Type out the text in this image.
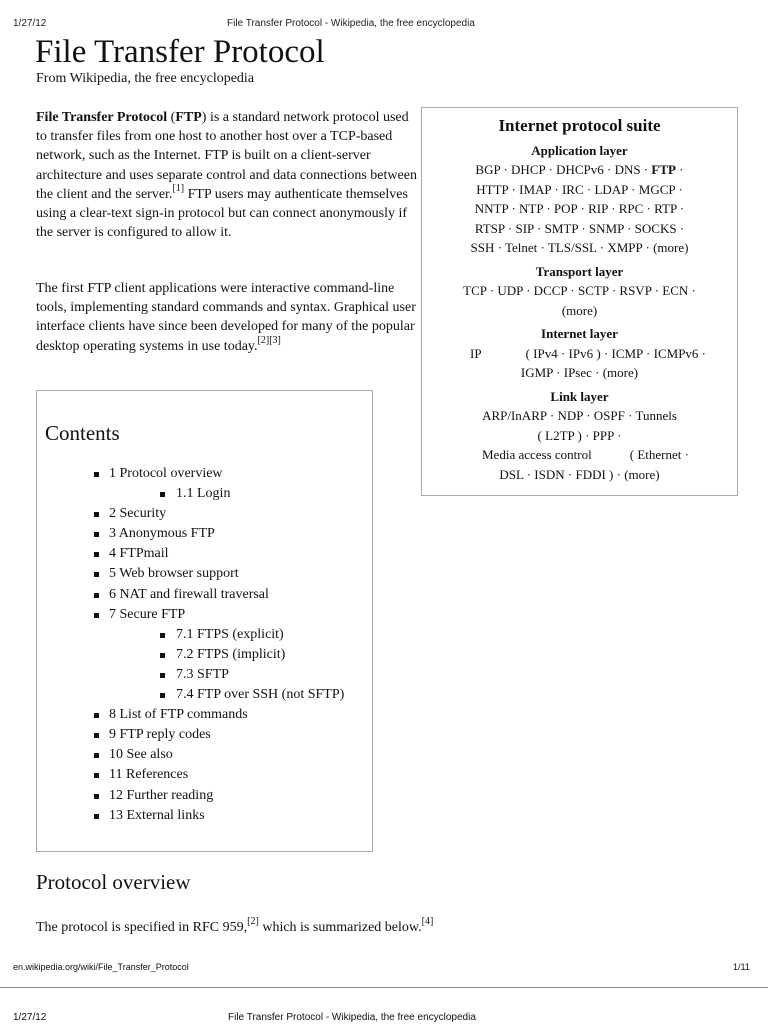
1/27/12	File Transfer Protocol - Wikipedia, the free encyclopedia
File Transfer Protocol
From Wikipedia, the free encyclopedia

File Transfer Protocol (FTP) is a standard network protocol used to transfer files from one host to another host over a TCP-based network, such as the Internet. FTP is built on a client-server architecture and uses separate control and data connections between the client and the server.[1] FTP users may authenticate themselves using a clear-text sign-in protocol but can connect anonymously if the server is configured to allow it.

The first FTP client applications were interactive command-line tools, implementing standard commands and syntax. Graphical user interface clients have since been developed for many of the popular desktop operating systems in use today.[2][3]

Internet protocol suite
Application layer
BGP · DHCP · DHCPv6 · DNS · FTP ·
HTTP · IMAP · IRC · LDAP · MGCP ·
NNTP · NTP · POP · RIP · RPC · RTP ·
RTSP · SIP · SMTP · SNMP · SOCKS ·
SSH · Telnet · TLS/SSL · XMPP · (more)
Transport layer
TCP · UDP · DCCP · SCTP · RSVP · ECN ·
(more)
Internet layer
IP	( IPv4 · IPv6 ) · ICMP · ICMPv6 ·
IGMP · IPsec · (more)
Link layer
ARP/InARP · NDP · OSPF · Tunnels
( L2TP ) · PPP ·
Media access control	( Ethernet ·
DSL · ISDN · FDDI ) · (more)
Contents
1 Protocol overview
1.1 Login
2 Security
3 Anonymous FTP
4 FTPmail
5 Web browser support
6 NAT and firewall traversal
7 Secure FTP
7.1 FTPS (explicit)
7.2 FTPS (implicit)
7.3 SFTP
7.4 FTP over SSH (not SFTP)
8 List of FTP commands
9 FTP reply codes
10 See also
11 References
12 Further reading
13 External links
Protocol overview

The protocol is specified in RFC 959,[2] which is summarized below.[4]

en.wikipedia.org/wiki/File_Transfer_Protocol	1/11
1/27/12	File Transfer Protocol - Wikipedia, the free encyclopedia
